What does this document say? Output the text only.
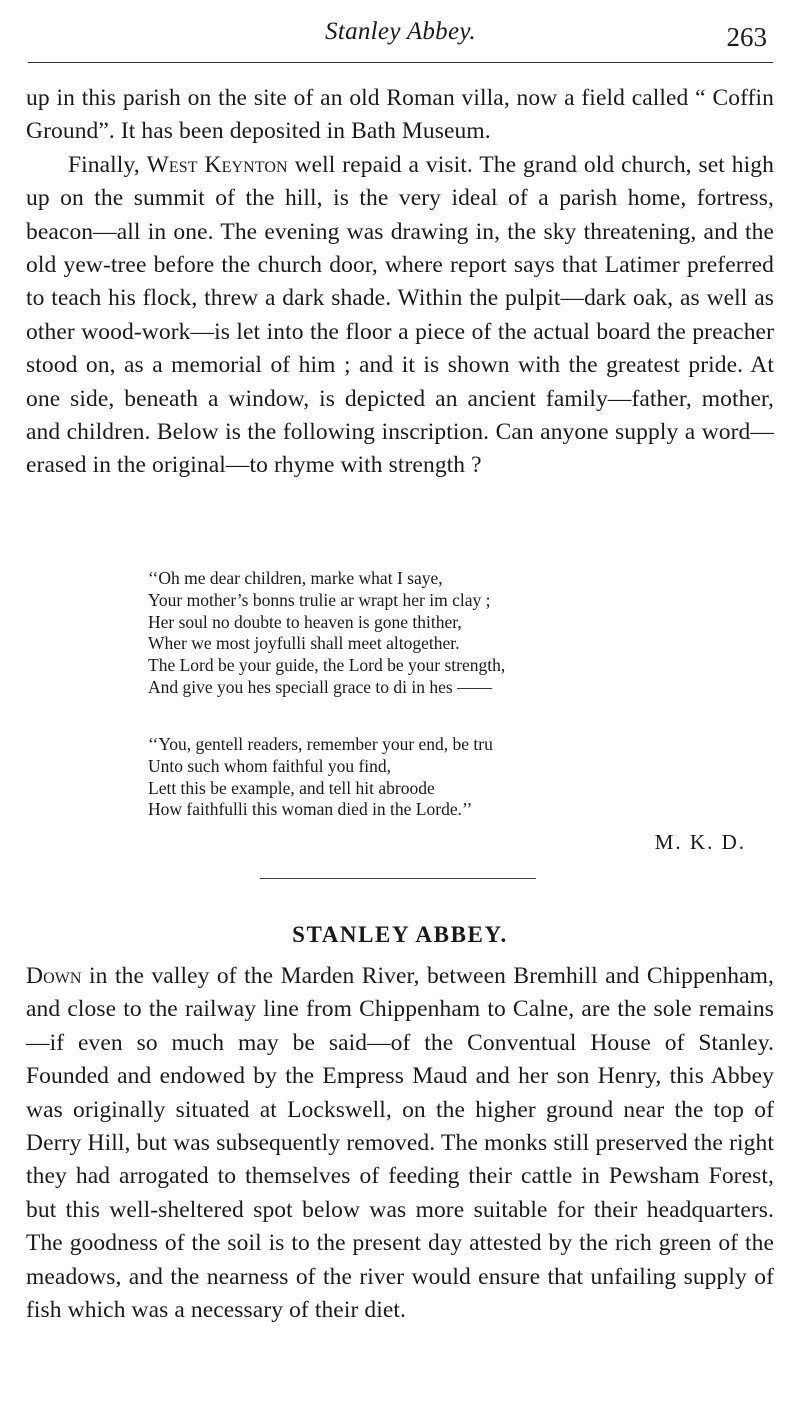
Stanley Abbey.	263

up in this parish on the site of an old Roman villa, now a field called “ Coffin Ground”. It has been deposited in Bath Museum.

Finally, West Keynton well repaid a visit. The grand old church, set high up on the summit of the hill, is the very ideal of a parish home, fortress, beacon—all in one. The evening was drawing in, the sky threatening, and the old yew-tree before the church door, where report says that Latimer preferred to teach his flock, threw a dark shade. Within the pulpit—dark oak, as well as other wood-work—is let into the floor a piece of the actual board the preacher stood on, as a memorial of him ; and it is shown with the greatest pride. At one side, beneath a window, is depicted an ancient family—father, mother, and children. Below is the following inscription. Can anyone supply a word—erased in the original—to rhyme with strength ?

‘‘Oh me dear children, marke what I saye,

Your mother’s bonns trulie ar wrapt her im clay ;

Her soul no doubte to heaven is gone thither,

Wher we most joyfulli shall meet altogether.

The Lord be your guide, the Lord be your strength,

And give you hes speciall grace to di in hes ——

‘‘You, gentell readers, remember your end, be tru

Unto such whom faithful you find,

Lett this be example, and tell hit abroode

How faithfulli this woman died in the Lorde.’’

M. K. D.
STANLEY ABBEY.

Down in the valley of the Marden River, between Bremhill and Chippenham, and close to the railway line from Chippenham to Calne, are the sole remains—if even so much may be said—of the Conventual House of Stanley. Founded and endowed by the Empress Maud and her son Henry, this Abbey was originally situated at Lockswell, on the higher ground near the top of Derry Hill, but was subsequently removed. The monks still preserved the right they had arrogated to themselves of feeding their cattle in Pewsham Forest, but this well-sheltered spot below was more suitable for their headquarters. The goodness of the soil is to the present day attested by the rich green of the meadows, and the nearness of the river would ensure that unfailing supply of fish which was a necessary of their diet.
